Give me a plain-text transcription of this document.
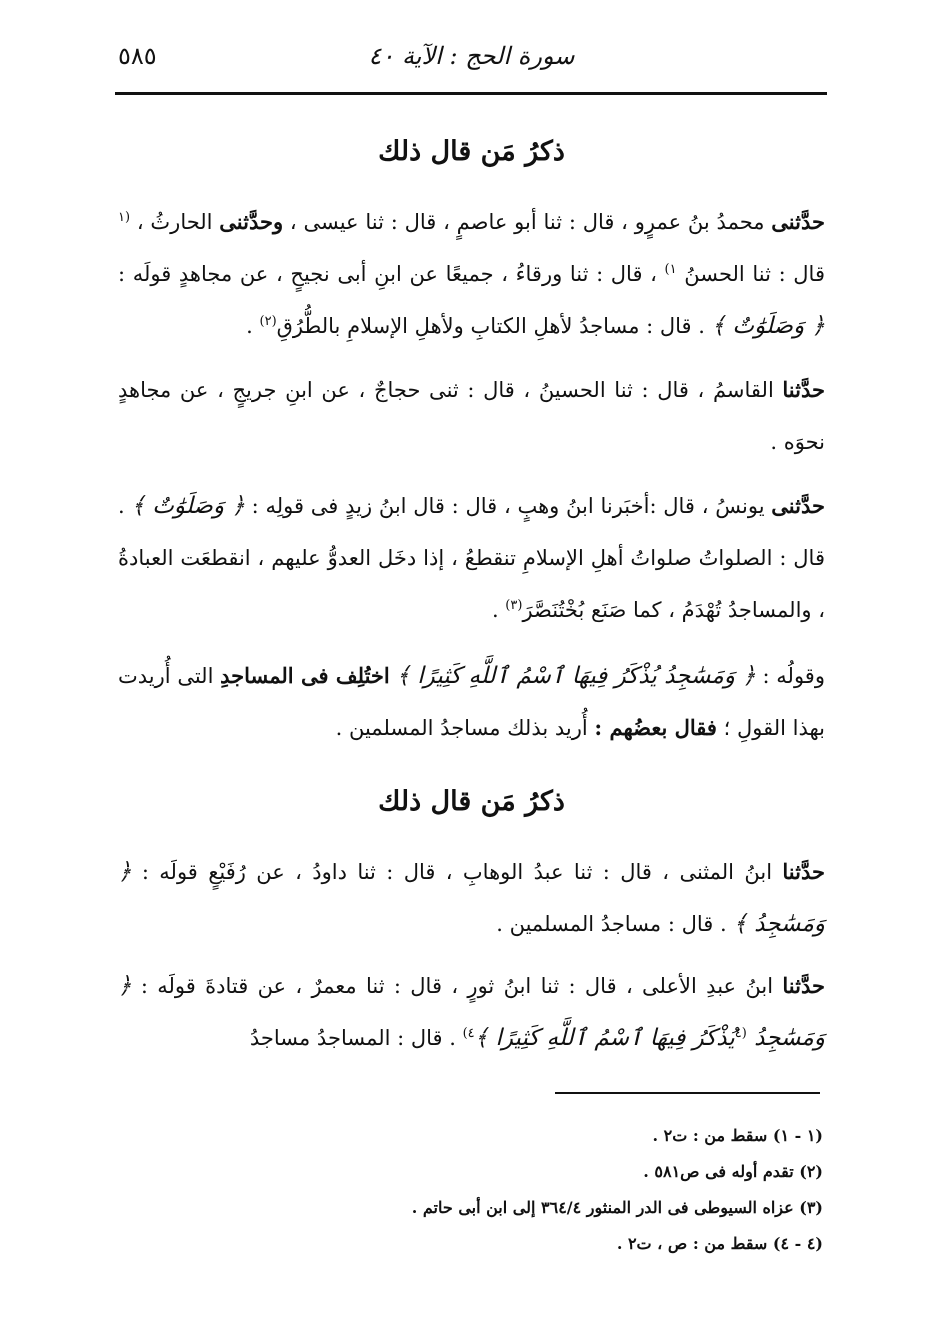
سورة الحج : الآية ٤٠
٥٨٥
ذكرُ مَن قال ذلك
حدَّثنى محمدُ بنُ عمرٍو ، قال : ثنا أبو عاصمٍ ، قال : ثنا عيسى ، وحدَّثنى الحارثُ ، $^{(١}$ قال : ثنا الحسنُ $^{١)}$ ، قال : ثنا ورقاءُ ، جميعًا عن ابنِ أبى نجيحٍ ، عن مجاهدٍ قولَه : ﴿ وَصَلَوَٰتٌ ﴾ . قال : مساجدُ لأهلِ الكتابِ ولأهلِ الإسلامِ بالطُّرُقِ$^{(٢)}$ .
حدَّثنا القاسمُ ، قال : ثنا الحسينُ ، قال : ثنى حجاجٌ ، عن ابنِ جريجٍ ، عن مجاهدٍ نحوَه .
حدَّثنى يونسُ ، قال :أخبَرنا ابنُ وهبٍ ، قال : قال ابنُ زيدٍ فى قولِه : ﴿ وَصَلَوَٰتٌ ﴾ . قال : الصلواتُ صلواتُ أهلِ الإسلامِ تنقطعُ ، إذا دخَل العدوُّ عليهم ، انقطعَت العبادةُ ، والمساجدُ تُهْدَمُ ، كما صَنَع بُخْتُنَصَّرَ$^{(٣)}$ .
وقولُه : ﴿ وَمَسَٰجِدُ يُذْكَرُ فِيهَا ٱسْمُ ٱللَّهِ كَثِيرًا ﴾ اختُلِف فى المساجدِ التى أُريدت بهذا القولِ ؛ فقال بعضُهم : أُريد بذلك مساجدُ المسلمين .
ذكرُ مَن قال ذلك
حدَّثنا ابنُ المثنى ، قال : ثنا عبدُ الوهابِ ، قال : ثنا داودُ ، عن رُفَيْعٍ قولَه : ﴿ وَمَسَٰجِدُ ﴾ . قال : مساجدُ المسلمين .
حدَّثنا ابنُ عبدِ الأعلى ، قال : ثنا ابنُ ثورٍ ، قال : ثنا معمرٌ ، عن قتادةَ قولَه : ﴿ وَمَسَٰجِدُ $^{(٤}$يُذْكَرُ فِيهَا ٱسْمُ ٱللَّهِ كَثِيرًا ﴾$^{٤)}$ . قال : المساجدُ مساجدُ
(١ - ١) سقط من : ت٢ .
(٢) تقدم أوله فى ص٥٨١ .
(٣) عزاه السيوطى فى الدر المنثور ٣٦٤/٤ إلى ابن أبى حاتم .
(٤ - ٤) سقط من : ص ، ت٢ .
